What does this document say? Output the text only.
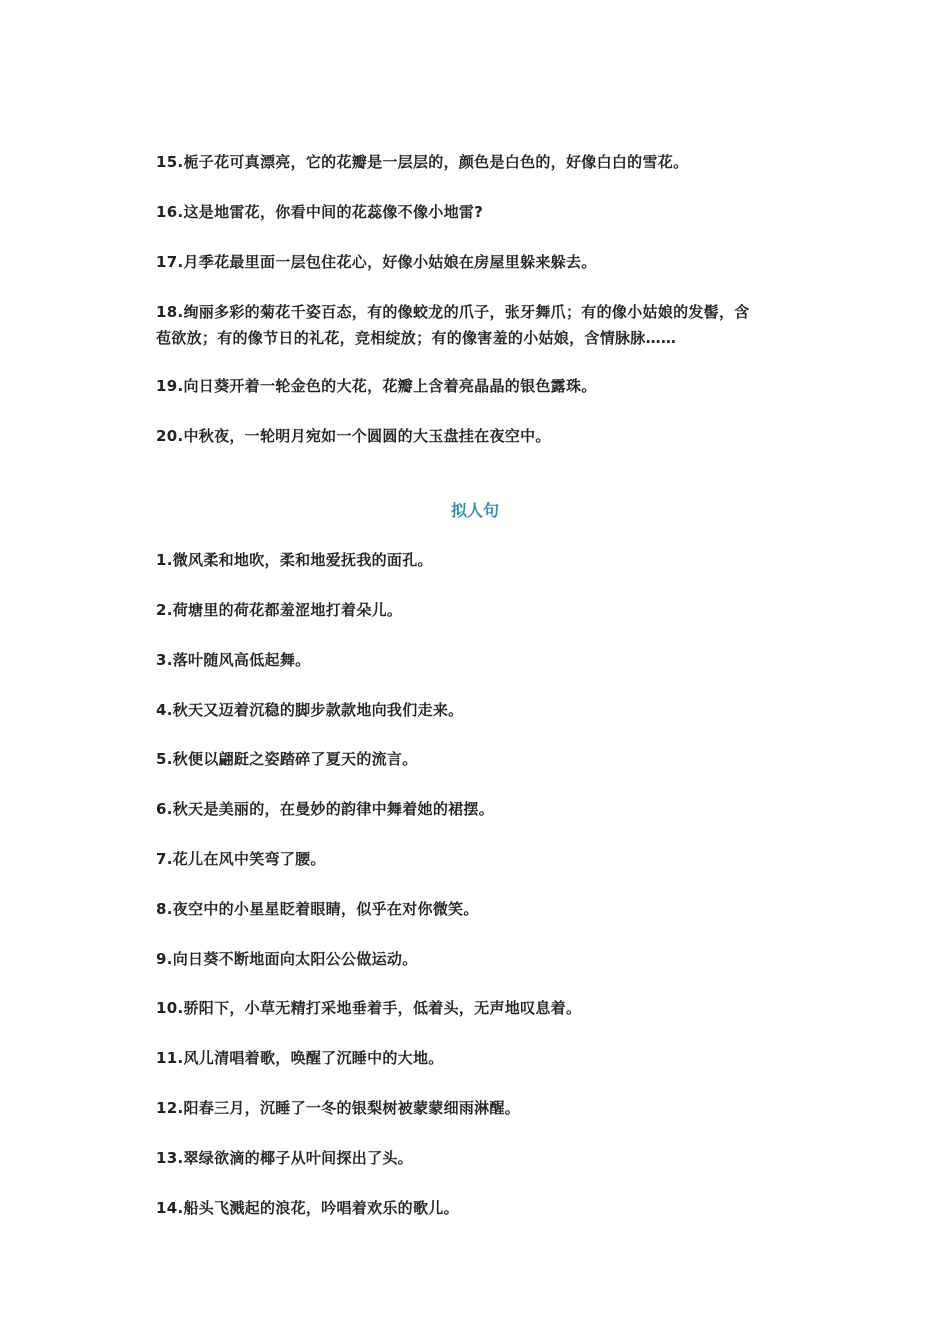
15.栀子花可真漂亮，它的花瓣是一层层的，颜色是白色的，好像白白的雪花。
16.这是地雷花，你看中间的花蕊像不像小地雷?
17.月季花最里面一层包住花心，好像小姑娘在房屋里躲来躲去。
18.绚丽多彩的菊花千姿百态，有的像蛟龙的爪子，张牙舞爪；有的像小姑娘的发髻，含
苞欲放；有的像节日的礼花，竞相绽放；有的像害羞的小姑娘，含情脉脉……
19.向日葵开着一轮金色的大花，花瓣上含着亮晶晶的银色露珠。
20.中秋夜，一轮明月宛如一个圆圆的大玉盘挂在夜空中。
拟人句
1.微风柔和地吹，柔和地爱抚我的面孔。
2.荷塘里的荷花都羞涩地打着朵儿。
3.落叶随风高低起舞。
4.秋天又迈着沉稳的脚步款款地向我们走来。
5.秋便以翩跹之姿踏碎了夏天的流言。
6.秋天是美丽的，在曼妙的韵律中舞着她的裙摆。
7.花儿在风中笑弯了腰。
8.夜空中的小星星眨着眼睛，似乎在对你微笑。
9.向日葵不断地面向太阳公公做运动。
10.骄阳下，小草无精打采地垂着手，低着头，无声地叹息着。
11.风儿清唱着歌，唤醒了沉睡中的大地。
12.阳春三月，沉睡了一冬的银梨树被蒙蒙细雨淋醒。
13.翠绿欲滴的椰子从叶间探出了头。
14.船头飞溅起的浪花，吟唱着欢乐的歌儿。
